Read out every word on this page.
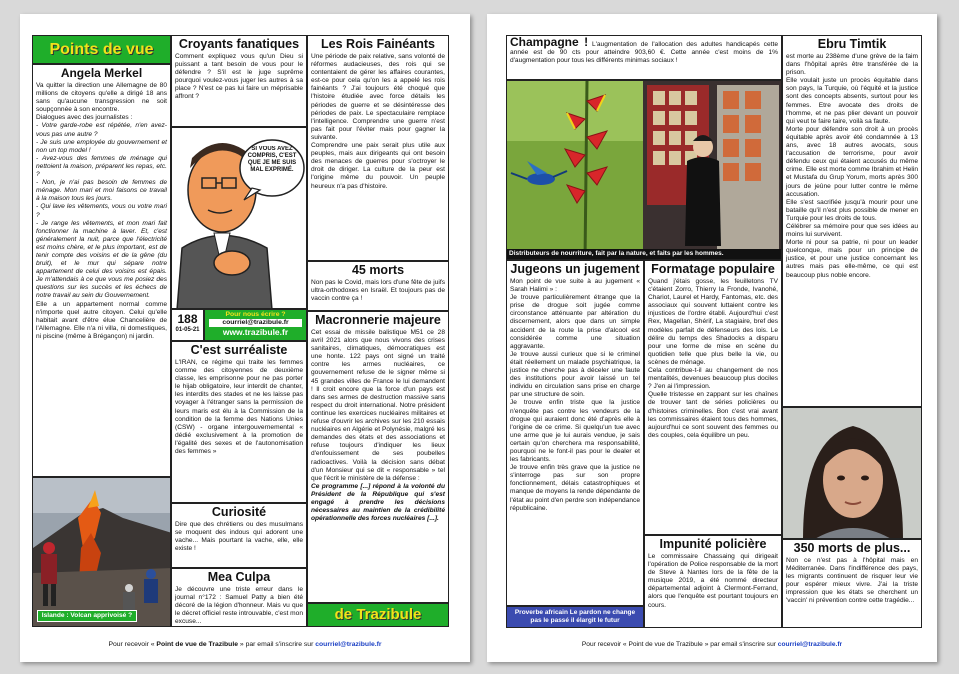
Points de vue
Angela Merkel

Va quitter la direction une Allemagne de 80 millions de citoyens qu'elle a dirigé 18 ans sans qu'aucune transgression ne soit soupçonnée à son encontre.

Dialogues avec des journalistes :

- Votre garde-robe est répétée, n'en avez-vous pas une autre ?

- Je suis une employée du gouvernement et non un top model !

- Avez-vous des femmes de ménage qui nettoient la maison, préparent les repas, etc. ?

- Non, je n'ai pas besoin de femmes de ménage. Mon mari et moi faisons ce travail à la maison tous les jours.

- Qui lave les vêtements, vous ou votre mari ?

- Je range les vêtements, et mon mari fait fonctionner la machine à laver. Et, c'est généralement la nuit, parce que l'électricité est moins chère, et le plus important, est de tenir compte des voisins et de la gêne (du bruit), et le mur qui sépare notre appartement de celui des voisins est épais. Je m'attendais à ce que vous me posiez des questions sur les succès et les échecs de notre travail au sein du Gouvernement.

Elle a un appartement normal comme n'importe quel autre citoyen. Celui qu'elle habitait avant d'être élue Chancelière de l'Allemagne. Elle n'a ni villa, ni domestiques, ni piscine (même à Brégançon) ni jardin.

Islande : Volcan apprivoisé ?
Croyants fanatiques

Comment expliquez vous qu'un Dieu si puissant a tant besoin de vous pour le défendre ? S'il est le juge suprême pourquoi voulez-vous juger les autres à sa place ? N'est ce pas lui faire un méprisable affront ?

SI VOUS AVEZ COMPRIS, C'EST QUE JE ME SUIS MAL EXPRIMÉ.
188
01-05-21
Pour nous écrire ?
courriel@trazibule.fr
www.trazibule.fr
C'est surréaliste

L'IRAN, ce régime qui traite les femmes comme des citoyennes de deuxième classe, les emprisonne pour ne pas porter le hijab obligatoire, leur interdit de chanter, les interdits des stades et ne les laisse pas voyager à l'étranger sans la permission de leurs maris est élu à la Commission de la condition de la femme des Nations Unies (CSW) - organe intergouvernemental « dédié exclusivement à la promotion de l'égalité des sexes et de l'autonomisation des femmes »

Curiosité

Dire que des chrétiens ou des musulmans se moquent des indous qui adorent une vache... Mais pourtant la vache, elle, elle existe !

Mea Culpa

Je découvre une triste erreur dans le journal n°172 : Samuel Patty a bien été décoré de la légion d'honneur. Mais vu que le décret officiel reste introuvable, c'est mon excuse...

Les Rois Fainéants

Une période de paix relative, sans volonté de réformes audacieuses, des rois qui se contentaient de gérer les affaires courantes, est-ce pour cela qu'on les a appelé les rois fainéants ? J'ai toujours été choqué que l'histoire étudiée avec force détails les périodes de guerre et se désintéresse des périodes de paix. Le spectaculaire remplace l'intelligence. Comprendre une guerre n'est pas fait pour l'éviter mais pour gagner la suivante.

Comprendre une paix serait plus utile aux peuples, mais aux dirigeants qui ont besoin des menaces de guerres pour s'octroyer le droit de diriger. La culture de la peur est l'origine même du pouvoir. Un peuple heureux n'a pas d'histoire.

45 morts

Non pas le Covid, mais lors d'une fête de juifs ultra-orthodoxes en Israël. Et toujours pas de vaccin contre ça !

Macronnerie majeure

Cet essai de missile balistique M51 ce 28 avril 2021 alors que nous vivons des crises sanitaires, climatiques, démocratiques est une honte. 122 pays ont signé un traité contre les armes nucléaires, ce gouvernement refuse de le signer même si 45 grandes villes de France le lui demandent ! Il croit encore que la force d'un pays est dans ses armes de destruction massive sans respect du droit international. Notre président continue les exercices nucléaires militaires et refuse d'ouvrir les archives sur les 210 essais nucléaires en Algérie et Polynésie, malgré les demandes des états et des associations et refuse toujours d'indiquer les lieux d'enfouissement de ses poubelles radioactives. Voilà la décision sans débat d'un Monsieur qui se dit « responsable » tel que l'écrit le ministère de la défense :

Ce programme [...] répond à la volonté du Président de la République qui s'est engagé à prendre les décisions nécessaires au maintien de la crédibilité opérationnelle des forces nucléaires [...].

de Trazibule
Pour recevoir « Point de vue de Trazibule » par email s'inscrire sur courriel@trazibule.fr
Champagne ! L'augmentation de l'allocation des adultes handicapés cette année est de 90 cts pour atteindre 903,60 €. Cette année c'est moins de 1% d'augmentation pour tous les différents minimas sociaux !
Distributeurs de nourriture, fait par la nature, et faits par les hommes.
Jugeons un jugement

Mon point de vue suite à au jugement « Sarah Halimi » :

Je trouve particulièrement étrange que la prise de drogue soit jugée comme circonstance atténuante par altération du discernement, alors que dans un simple accident de la route la prise d'alcool est considérée comme une situation aggravante.

Je trouve aussi curieux que si le criminel était réellement un malade psychiatrique, la justice ne cherche pas à déceler une faute des institutions pour avoir laissé un tel individu en circulation sans prise en charge par une structure de soin.

Je trouve enfin triste que la justice n'enquête pas contre les vendeurs de la drogue qui auraient donc été d'après elle à l'origine de ce crime. Si quelqu'un tue avec une arme que je lui aurais vendue, je sais certain qu'on cherchera ma responsabilité, pourquoi ne le font-il pas pour le dealer et les fabricants.

Je trouve enfin très grave que la justice ne s'interroge pas sur son propre fonctionnement, délais catastrophiques et manque de moyens la rende dépendante de l'état au point d'en perdre son indépendance républicaine.

Proverbe africain Le pardon ne change pas le passé il élargit le futur
Formatage populaire

Quand j'étais gosse, les feuilletons TV c'étaient Zorro, Thierry la Fronde, Ivanohé, Chariot, Laurel et Hardy, Fantomas, etc. des associaux qui souvent luttaient contre les injustices de l'ordre établi. Aujourd'hui c'est Rex, Magellan, Shérif, La stagiaire, bref des modèles parfait de défenseurs des lois. Le délire du temps des Shadocks a disparu pour une forme de mise en scène du quotidien telle que plus belle la vie, ou scènes de ménage.

Cela contribue-t-il au changement de nos mentalités, devenues beaucoup plus dociles ? J'en ai l'impression.

Quelle tristesse en zappant sur les chaînes de trouver tant de séries policières ou d'histoires criminelles. Bon c'est vrai avant les commissaires étaient tous des hommes, aujourd'hui ce sont souvent des femmes ou des couples, cela équilibre un peu.

Impunité policière

Le commissaire Chassaing qui dirigeait l'opération de Police responsable de la mort de Steve à Nantes lors de la fête de la musique 2019, a été nommé directeur départemental adjoint à Clermont-Ferrand, alors que l'enquête est pourtant toujours en cours.

Ebru Timtik

est morte au 238ème d'une grève de la faim dans l'hôpital après être transférée de la prison.

Elle voulait juste un procès équitable dans son pays, la Turquie, où l'équité et la justice sont des concepts absents, surtout pour les femmes. Etre avocate des droits de l'homme, et ne pas plier devant un pouvoir qui veut te faire taire, voilà sa faute.

Morte pour défendre son droit à un procès équitable après avoir été condamnée à 13 ans, avec 18 autres avocats, sous l'accusation de terrorisme, pour avoir défendu ceux qui étaient accusés du même crime. Elle est morte comme Ibrahim et Helin et Mustafa du Grup Yorum, morts après 300 jours de jeûne pour lutter contre le même accusation.

Elle s'est sacrifiée jusqu'à mourir pour une bataille qu'il n'est plus possible de mener en Turquie pour les droits de tous.

Célébrer sa mémoire pour que ses idées au moins lui survivent.

Morte ni pour sa patrie, ni pour un leader quelconque, mais pour un principe de justice, et pour une justice concernant les autres mais pas elle-même, ce qui est beaucoup plus noble encore.

350 morts de plus...

Non ce n'est pas à l'hôpital mais en Méditerranée. Dans l'indifférence des pays, les migrants continuent de risquer leur vie pour espérer mieux vivre. J'ai la triste impression que les états se cherchent un 'vaccin' ni prévention contre cette tragédie...

Pour recevoir « Point de vue de Trazibule » par email s'inscrire sur courriel@trazibule.fr
